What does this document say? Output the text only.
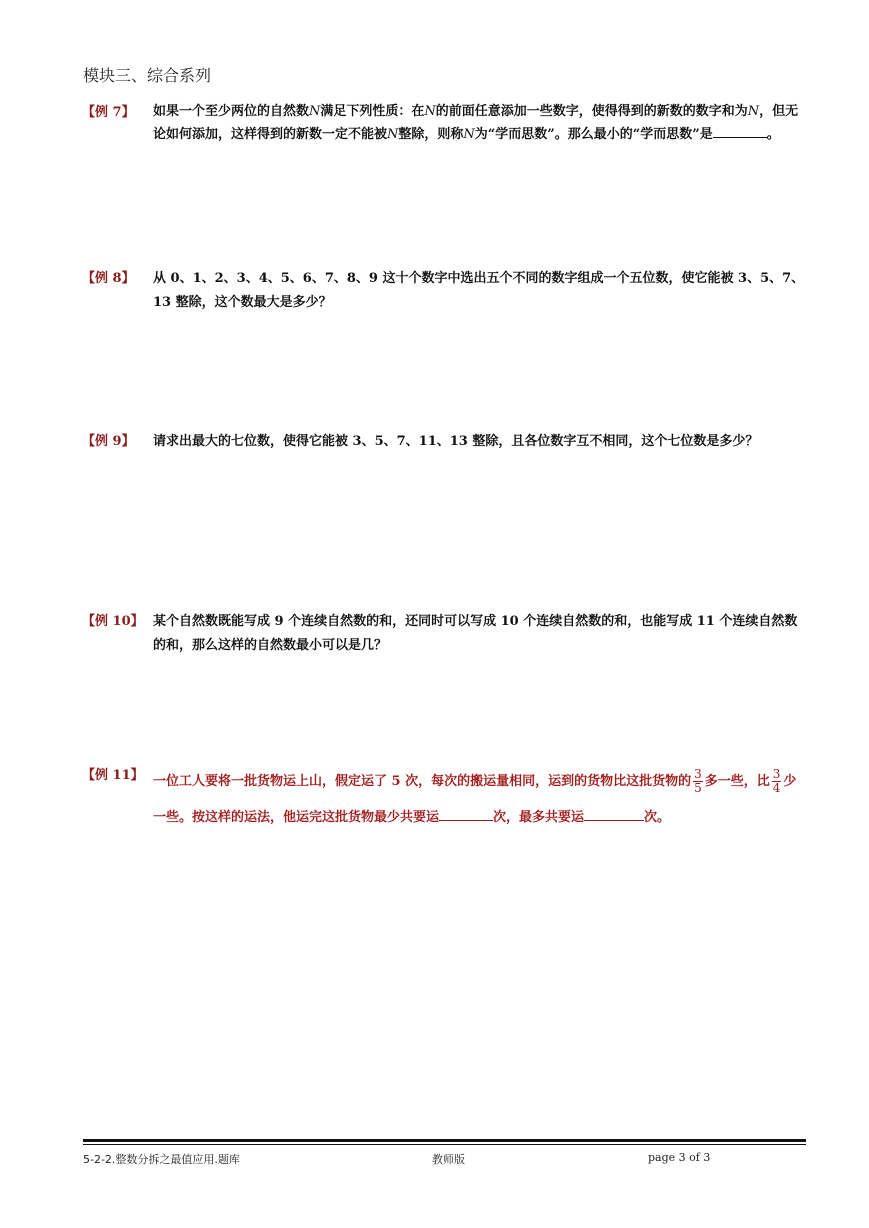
模块三、综合系列
【例 7】 如果一个至少两位的自然数N满足下列性质：在N的前面任意添加一些数字，使得得到的新数的数字和为N，但无论如何添加，这样得到的新数一定不能被N整除，则称N为“学而思数”。那么最小的“学而思数”是	。
【例 8】 从 0、1、2、3、4、5、6、7、8、9 这十个数字中选出五个不同的数字组成一个五位数，使它能被 3、5、7、13 整除，这个数最大是多少？
【例 9】 请求出最大的七位数，使得它能被 3、5、7、11、13 整除，且各位数字互不相同，这个七位数是多少？
【例 10】 某个自然数既能写成 9 个连续自然数的和，还同时可以写成 10 个连续自然数的和，也能写成 11 个连续自然数的和，那么这样的自然数最小可以是几？
【例 11】 一位工人要将一批货物运上山，假定运了 5 次，每次的搬运量相同，运到的货物比这批货物的 $\frac{3}{5}$ 多一些，比 $\frac{3}{4}$ 少一些。按这样的运法，他运完这批货物最少共要运	次，最多共要运	次。
5-2-2.整数分拆之最值应用.题库	教师版	page 3 of 3
